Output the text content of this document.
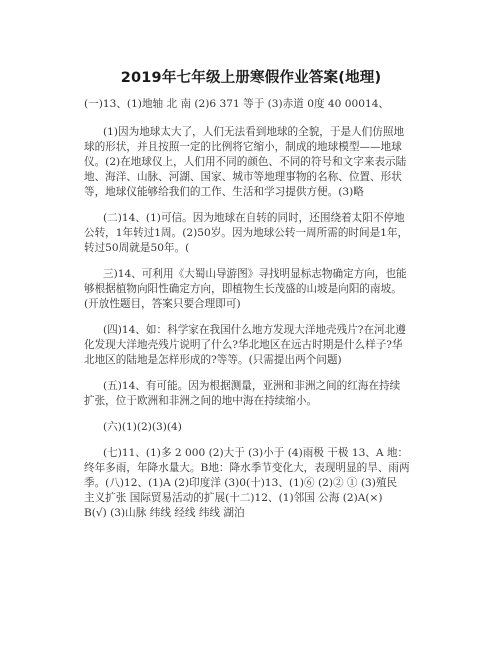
2019年七年级上册寒假作业答案(地理)
(一)13、(1)地轴 北 南 (2)6 371 等于 (3)赤道 0度 40 00014、
(1)因为地球太大了，人们无法看到地球的全貌，于是人们仿照地
球的形状，并且按照一定的比例将它缩小，制成的地球模型——地球
仪。(2)在地球仪上，人们用不同的颜色、不同的符号和文字来表示陆
地、海洋、山脉、河湖、国家、城市等地理事物的名称、位置、形状
等，地球仪能够给我们的工作、生活和学习提供方便。(3)略
(二)14、(1)可信。因为地球在自转的同时，还围绕着太阳不停地
公转，1年转过1周。(2)50岁。因为地球公转一周所需的时间是1年，
转过50周就是50年。(
三)14、可利用《大蜀山导游图》寻找明显标志物确定方向，也能
够根据植物向阳性确定方向，即植物生长茂盛的山坡是向阳的南坡。
(开放性题目，答案只要合理即可)
(四)14、如：科学家在我国什么地方发现大洋地壳残片?在河北遵
化发现大洋地壳残片说明了什么?华北地区在远古时期是什么样子?华
北地区的陆地是怎样形成的?等等。(只需提出两个问题)
(五)14、有可能。因为根据测量，亚洲和非洲之间的红海在持续
扩张，位于欧洲和非洲之间的地中海在持续缩小。
(六)(1)(2)(3)(4)
(七)11、(1)多 2 000 (2)大于 (3)小于 (4)雨极 干极 13、A 地：
终年多雨，年降水量大。B地：降水季节变化大，表现明显的旱、雨两
季。(八)12、(1)A (2)印度洋 (3)0(十)13、(1)⑥ (2)② ① (3)殖民
主义扩张 国际贸易活动的扩展(十二)12、(1)邻国 公海 (2)A(×)
B(√) (3)山脉 纬线 经线 纬线 湖泊
